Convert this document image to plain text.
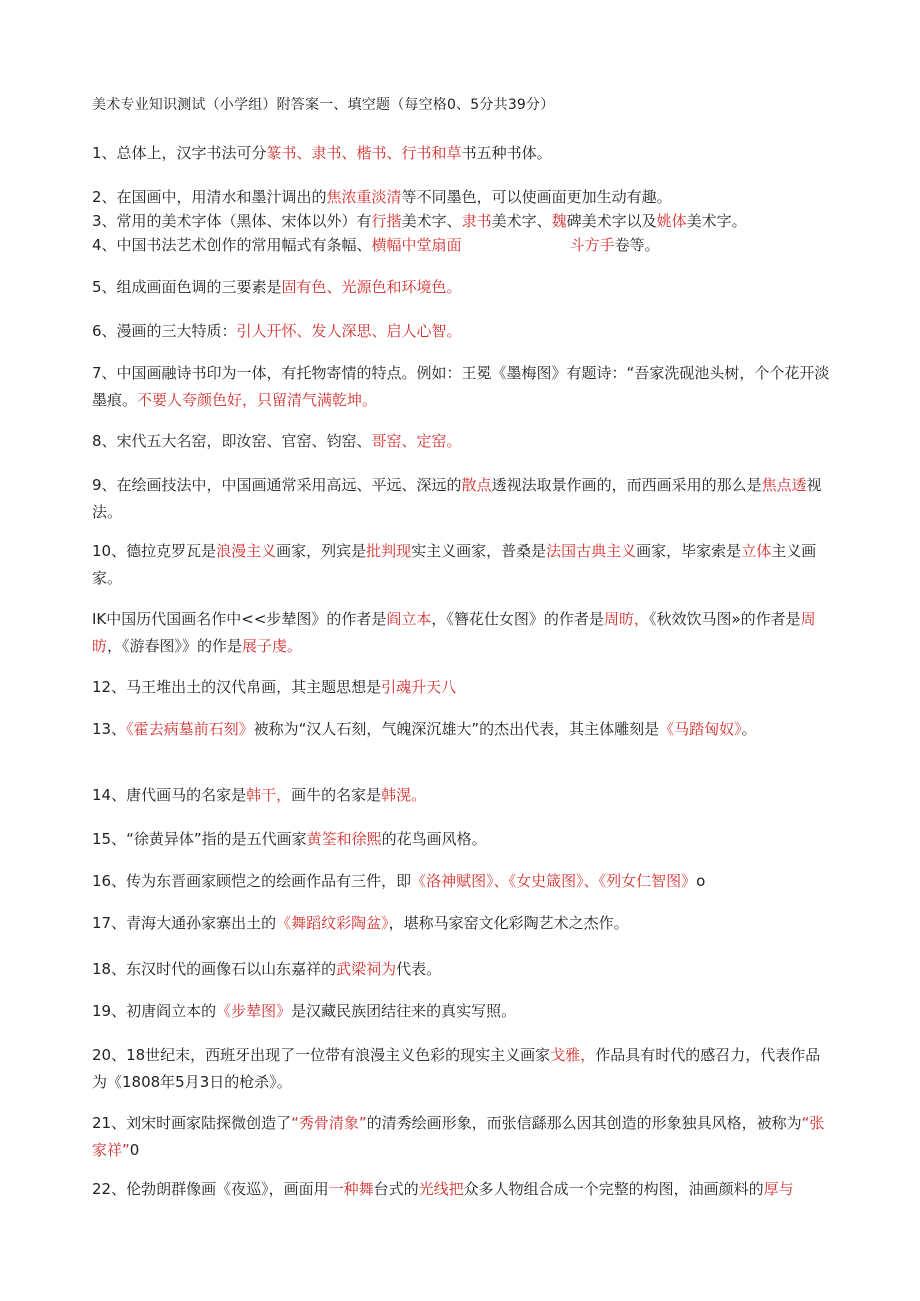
美术专业知识测试（小学组）附答案一、填空题（每空格0、5分共39分）
1、总体上，汉字书法可分篆书、隶书、楷书、行书和草书五种书体。
2、在国画中，用清水和墨汁调出的焦浓重淡清等不同墨色，可以使画面更加生动有趣。
3、常用的美术字体（黑体、宋体以外）有行揩美术字、隶书美术字、魏碑美术字以及姚体美术字。
4、中国书法艺术创作的常用幅式有条幅、横幅中堂扇面	斗方手卷等。
5、组成画面色调的三要素是固有色、光源色和环境色。
6、漫画的三大特质：引人开怀、发人深思、启人心智。
7、中国画融诗书印为一体，有托物寄情的特点。例如：王冕《墨梅图》有题诗：“吾家洗砚池头树，个个花开淡墨痕。不要人夸颜色好，只留清气满乾坤。
8、宋代五大名窑，即汝窑、官窑、钧窑、哥窑、定窑。
9、在绘画技法中，中国画通常采用高远、平远、深远的散点透视法取景作画的，而西画采用的那么是焦点透视法。
10、德拉克罗瓦是浪漫主义画家，列宾是批判现实主义画家，普桑是法国古典主义画家，毕家索是立体主义画家。
IK中国历代国画名作中<<步辇图》的作者是阎立本，《簪花仕女图》的作者是周昉，《秋效饮马图»的作者是周昉，《游春图》》的作是展子虔。
12、马王堆出土的汉代帛画，其主题思想是引魂升天八
13、《霍去病墓前石刻》被称为“汉人石刻，气魄深沉雄大”的杰出代表，其主体雕刻是《马踏匈奴》。
14、唐代画马的名家是韩干，画牛的名家是韩滉。
15、“徐黄异体”指的是五代画家黄筌和徐熙的花鸟画风格。
16、传为东晋画家顾恺之的绘画作品有三件，即《洛神赋图》、《女史箴图》、《列女仁智图》o
17、青海大通孙家寨出土的《舞蹈纹彩陶盆》，堪称马家窑文化彩陶艺术之杰作。
18、东汉时代的画像石以山东嘉祥的武梁祠为代表。
19、初唐阎立本的《步辇图》是汉藏民族团结往来的真实写照。
20、18世纪末，西班牙出现了一位带有浪漫主义色彩的现实主义画家戈雅，作品具有时代的感召力，代表作品为《1808年5月3日的枪杀》。
21、刘宋时画家陆探微创造了“秀骨清象”的清秀绘画形象，而张信繇那么因其创造的形象独具风格，被称为“张家祥”0
22、伦勃朗群像画《夜巡》，画面用一种舞台式的光线把众多人物组合成一个完整的构图，油画颜料的厚与
